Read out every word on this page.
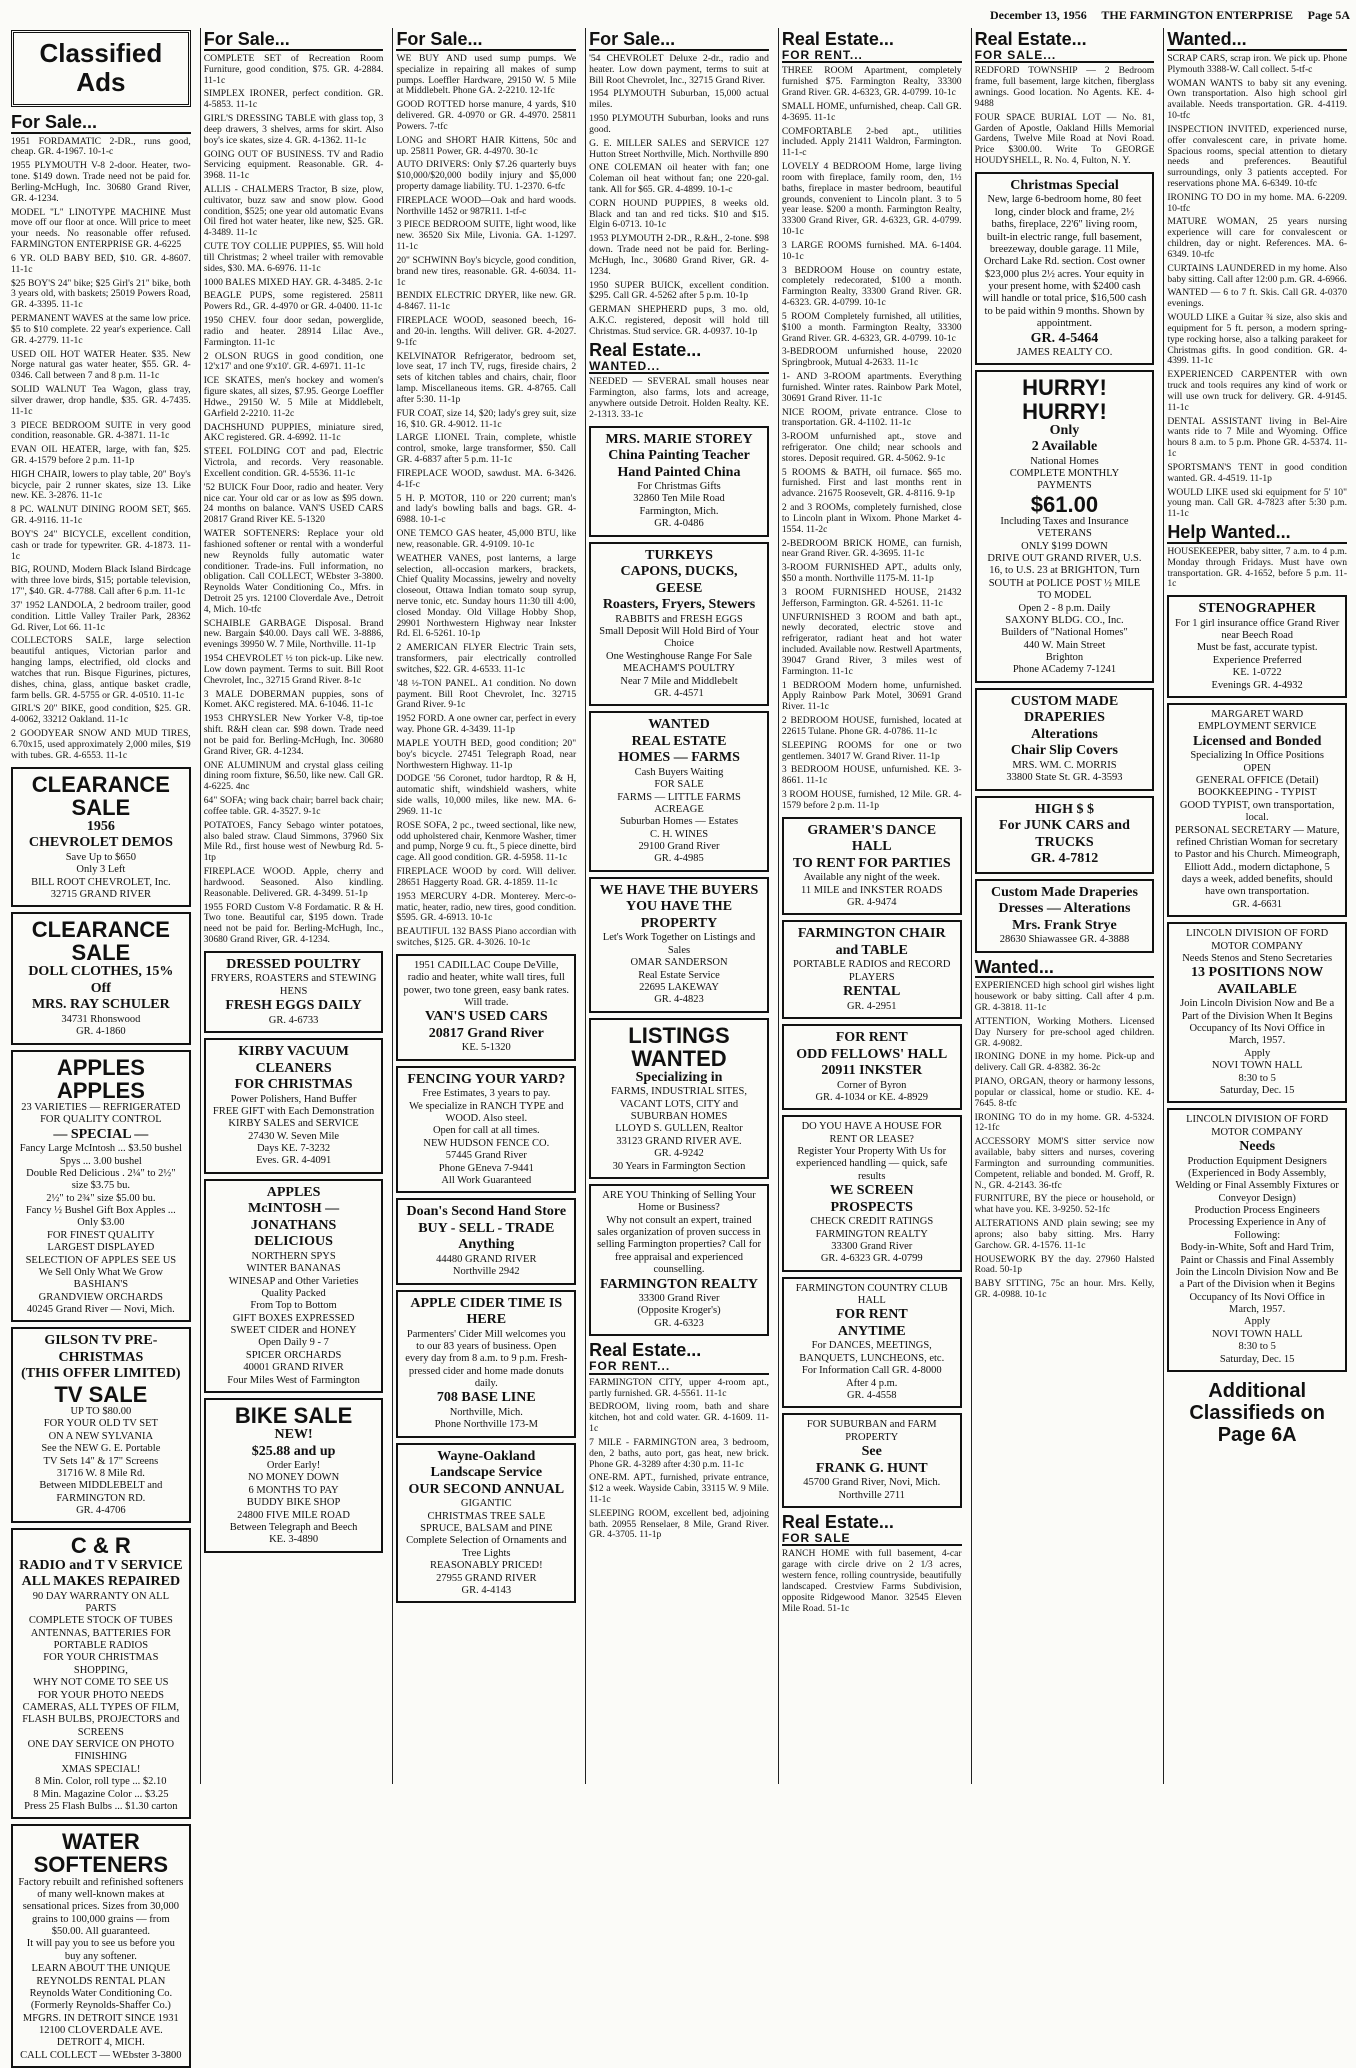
December 13, 1956 THE FARMINGTON ENTERPRISE Page 5A
Classified Ads
For Sale...
1951 FORDAMATIC 2-DR., runs good, cheap. GR. 4-1967. 10-1-c
1955 PLYMOUTH V-8 2-door. Heater, two-tone. $149 down. Trade need not be paid for. Berling-McHugh, Inc. 30680 Grand River, GR. 4-1234.
MODEL "L" LINOTYPE MACHINE Must move off our floor at once. Will price to meet your needs. No reasonable offer refused. FARMINGTON ENTERPRISE GR. 4-6225
6 YR. OLD BABY BED, $10. GR. 4-8607. 11-1c
$25 BOY'S 24" bike; $25 Girl's 21" bike, both 3 years old, with baskets; 25019 Powers Road, GR. 4-3395. 11-1c
PERMANENT WAVES at the same low price. $5 to $10 complete. 22 year's experience. Call GR. 4-2779. 11-1c
USED OIL HOT WATER Heater. $35. New Norge natural gas water heater, $55. GR. 4-0346. Call between 7 and 8 p.m. 11-1c
SOLID WALNUT Tea Wagon, glass tray, silver drawer, drop handle, $35. GR. 4-7435. 11-1c
3 PIECE BEDROOM SUITE in very good condition, reasonable. GR. 4-3871. 11-1c
EVAN OIL HEATER, large, with fan, $25. GR. 4-1579 before 2 p.m. 11-1p
HIGH CHAIR, lowers to play table, 20" Boy's bicycle, pair 2 runner skates, size 13. Like new. KE. 3-2876. 11-1c
8 PC. WALNUT DINING ROOM SET, $65. GR. 4-9116. 11-1c
BOY'S 24" BICYCLE, excellent condition, cash or trade for typewriter. GR. 4-1873. 11-1c
BIG, ROUND, Modern Black Island Birdcage with three love birds, $15; portable television, 17", $40. GR. 4-7788. Call after 6 p.m. 11-1c
37' 1952 LANDOLA, 2 bedroom trailer, good condition. Little Valley Trailer Park, 28362 Gd. River, Lot 66. 11-1c
COLLECTORS SALE, large selection beautiful antiques, Victorian parlor and hanging lamps, electrified, old clocks and watches that run. Bisque Figurines, pictures, dishes, china, glass, antique basket cradle, farm bells. GR. 4-5755 or GR. 4-0510. 11-1c
GIRL'S 20" BIKE, good condition, $25. GR. 4-0062, 33212 Oakland. 11-1c
2 GOODYEAR SNOW AND MUD TIRES, 6.70x15, used approximately 2,000 miles, $19 with tubes. GR. 4-6553. 11-1c
CLEARANCE SALE
1956
CHEVROLET DEMOS
Save Up to $650
Only 3 Left
BILL ROOT CHEVROLET, Inc.
32715 GRAND RIVER
CLEARANCE SALE
DOLL CLOTHES, 15% Off
MRS. RAY SCHULER
34731 Rhonswood
GR. 4-1860
APPLES APPLES
23 VARIETIES — REFRIGERATED FOR QUALITY CONTROL
— SPECIAL —
Fancy Large McIntosh ... $3.50 bushel
Spys ... 3.00 bushel
Double Red Delicious . 2¼" to 2½" size $3.75 bu.
2½" to 2¾" size $5.00 bu.
Fancy ½ Bushel Gift Box Apples ... Only $3.00
FOR FINEST QUALITY
LARGEST DISPLAYED SELECTION OF APPLES SEE US
We Sell Only What We Grow
BASHIAN'S
GRANDVIEW ORCHARDS
40245 Grand River — Novi, Mich.
GILSON TV PRE-CHRISTMAS
(THIS OFFER LIMITED)
TV SALE
UP TO $80.00
FOR YOUR OLD TV SET
ON A NEW SYLVANIA
See the NEW G. E. Portable
TV Sets 14" & 17" Screens
31716 W. 8 Mile Rd.
Between MIDDLEBELT and FARMINGTON RD.
GR. 4-4706
C & R
RADIO and T V SERVICE
ALL MAKES REPAIRED
90 DAY WARRANTY ON ALL PARTS
COMPLETE STOCK OF TUBES
ANTENNAS, BATTERIES FOR PORTABLE RADIOS
FOR YOUR CHRISTMAS SHOPPING,
WHY NOT COME TO SEE US
FOR YOUR PHOTO NEEDS
CAMERAS, ALL TYPES OF FILM, FLASH BULBS, PROJECTORS and SCREENS
ONE DAY SERVICE ON PHOTO FINISHING
XMAS SPECIAL!
8 Min. Color, roll type ... $2.10
8 Min. Magazine Color ... $3.25
Press 25 Flash Bulbs ... $1.30 carton
WATER SOFTENERS
Factory rebuilt and refinished softeners of many well-known makes at sensational prices. Sizes from 30,000 grains to 100,000 grains — from $50.00. All guaranteed.
It will pay you to see us before you buy any softener.
LEARN ABOUT THE UNIQUE REYNOLDS RENTAL PLAN
Reynolds Water Conditioning Co.
(Formerly Reynolds-Shaffer Co.)
MFGRS. IN DETROIT SINCE 1931
12100 CLOVERDALE AVE. DETROIT 4, MICH.
CALL COLLECT — WEbster 3-3800
For Sale...
COMPLETE SET of Recreation Room Furniture, good condition, $75. GR. 4-2884. 11-1c
SIMPLEX IRONER, perfect condition. GR. 4-5853. 11-1c
GIRL'S DRESSING TABLE with glass top, 3 deep drawers, 3 shelves, arms for skirt. Also boy's ice skates, size 4. GR. 4-1362. 11-1c
GOING OUT OF BUSINESS. TV and Radio Servicing equipment. Reasonable. GR. 4-3968. 11-1c
ALLIS - CHALMERS Tractor, B size, plow, cultivator, buzz saw and snow plow. Good condition, $525; one year old automatic Evans Oil fired hot water heater, like new, $25. GR. 4-3489. 11-1c
CUTE TOY COLLIE PUPPIES, $5. Will hold till Christmas; 2 wheel trailer with removable sides, $30. MA. 6-6976. 11-1c
1000 BALES MIXED HAY. GR. 4-3485. 2-1c
BEAGLE PUPS, some registered. 25811 Powers Rd., GR. 4-4970 or GR. 4-0400. 11-1c
1950 CHEV. four door sedan, powerglide, radio and heater. 28914 Lilac Ave., Farmington. 11-1c
2 OLSON RUGS in good condition, one 12'x17' and one 9'x10'. GR. 4-6971. 11-1c
ICE SKATES, men's hockey and women's figure skates, all sizes, $7.95. George Loeffler Hdwe., 29150 W. 5 Mile at Middlebelt, GArfield 2-2210. 11-2c
DACHSHUND PUPPIES, miniature sired, AKC registered. GR. 4-6992. 11-1c
STEEL FOLDING COT and pad, Electric Victrola, and records. Very reasonable. Excellent condition. GR. 4-5536. 11-1c
'52 BUICK Four Door, radio and heater. Very nice car. Your old car or as low as $95 down. 24 months on balance. VAN'S USED CARS 20817 Grand River KE. 5-1320
WATER SOFTENERS: Replace your old fashioned softener or rental with a wonderful new Reynolds fully automatic water conditioner. Trade-ins. Full information, no obligation. Call COLLECT, WEbster 3-3800. Reynolds Water Conditioning Co., Mfrs. in Detroit 25 yrs. 12100 Cloverdale Ave., Detroit 4, Mich. 10-tfc
SCHAIBLE GARBAGE Disposal. Brand new. Bargain $40.00. Days call WE. 3-8886, evenings 39950 W. 7 Mile, Northville. 11-1p
1954 CHEVROLET ½ ton pick-up. Like new. Low down payment. Terms to suit. Bill Root Chevrolet, Inc., 32715 Grand River. 8-1c
3 MALE DOBERMAN puppies, sons of Komet. AKC registered. MA. 6-1046. 11-1c
1953 CHRYSLER New Yorker V-8, tip-toe shift. R&H clean car. $98 down. Trade need not be paid for. Berling-McHugh, Inc. 30680 Grand River, GR. 4-1234.
ONE ALUMINUM and crystal glass ceiling dining room fixture, $6.50, like new. Call GR. 4-6225. 4nc
64" SOFA; wing back chair; barrel back chair; coffee table. GR. 4-3527. 9-1c
POTATOES, Fancy Sebago winter potatoes, also baled straw. Claud Simmons, 37960 Six Mile Rd., first house west of Newburg Rd. 5-1tp
FIREPLACE WOOD. Apple, cherry and hardwood. Seasoned. Also kindling. Reasonable. Delivered. GR. 4-3499. 51-1p
1955 FORD Custom V-8 Fordamatic. R & H. Two tone. Beautiful car, $195 down. Trade need not be paid for. Berling-McHugh, Inc., 30680 Grand River, GR. 4-1234.
DRESSED POULTRY
FRYERS, ROASTERS and STEWING HENS
FRESH EGGS DAILY
GR. 4-6733
KIRBY VACUUM CLEANERS
FOR CHRISTMAS
Power Polishers, Hand Buffer
FREE GIFT with Each Demonstration
KIRBY SALES and SERVICE
27430 W. Seven Mile
Days KE. 7-3232
Eves. GR. 4-4091
APPLES
McINTOSH — JONATHANS
DELICIOUS
NORTHERN SPYS
WINTER BANANAS
WINESAP and Other Varieties
Quality Packed
From Top to Bottom
GIFT BOXES EXPRESSED
SWEET CIDER and HONEY
Open Daily 9 - 7
SPICER ORCHARDS
40001 GRAND RIVER
Four Miles West of Farmington
BIKE SALE
NEW!
$25.88 and up
Order Early!
NO MONEY DOWN
6 MONTHS TO PAY
BUDDY BIKE SHOP
24800 FIVE MILE ROAD
Between Telegraph and Beech
KE. 3-4890
For Sale...
WE BUY AND used sump pumps. We specialize in repairing all makes of sump pumps. Loeffler Hardware, 29150 W. 5 Mile at Middlebelt. Phone GA. 2-2210. 12-1fc
GOOD ROTTED horse manure, 4 yards, $10 delivered. GR. 4-0970 or GR. 4-4970. 25811 Powers. 7-tfc
LONG and SHORT HAIR Kittens, 50c and up. 25811 Power, GR. 4-4970. 30-1c
AUTO DRIVERS: Only $7.26 quarterly buys $10,000/$20,000 bodily injury and $5,000 property damage liability. TU. 1-2370. 6-tfc
FIREPLACE WOOD—Oak and hard woods. Northville 1452 or 987R11. 1-tf-c
3 PIECE BEDROOM SUITE, light wood, like new. 36520 Six Mile, Livonia. GA. 1-1297. 11-1c
20" SCHWINN Boy's bicycle, good condition, brand new tires, reasonable. GR. 4-6034. 11-1c
BENDIX ELECTRIC DRYER, like new. GR. 4-8467. 11-1c
FIREPLACE WOOD, seasoned beech, 16- and 20-in. lengths. Will deliver. GR. 4-2027. 9-1fc
KELVINATOR Refrigerator, bedroom set, love seat, 17 inch TV, rugs, fireside chairs, 2 sets of kitchen tables and chairs, chair, floor lamp. Miscellaneous items. GR. 4-8765. Call after 5:30. 11-1p
FUR COAT, size 14, $20; lady's grey suit, size 16, $10. GR. 4-9012. 11-1c
LARGE LIONEL Train, complete, whistle control, smoke, large transformer, $50. Call GR. 4-6837 after 5 p.m. 11-1c
FIREPLACE WOOD, sawdust. MA. 6-3426. 4-1f-c
5 H. P. MOTOR, 110 or 220 current; man's and lady's bowling balls and bags. GR. 4-6988. 10-1-c
ONE TEMCO GAS heater, 45,000 BTU, like new, reasonable. GR. 4-9109. 10-1c
WEATHER VANES, post lanterns, a large selection, all-occasion markers, brackets, Chief Quality Mocassins, jewelry and novelty closeout, Ottawa Indian tomato soup syrup, nerve tonic, etc. Sunday hours 11:30 till 4:00, closed Monday. Old Village Hobby Shop, 29901 Northwestern Highway near Inkster Rd. El. 6-5261. 10-1p
2 AMERICAN FLYER Electric Train sets, transformers, pair electrically controlled switches, $22. GR. 4-6533. 11-1c
'48 ½-TON PANEL. A1 condition. No down payment. Bill Root Chevrolet, Inc. 32715 Grand River. 9-1c
1952 FORD. A one owner car, perfect in every way. Phone GR. 4-3439. 11-1p
MAPLE YOUTH BED, good condition; 20" boy's bicycle. 27451 Telegraph Road, near Northwestern Highway. 11-1p
DODGE '56 Coronet, tudor hardtop, R & H, automatic shift, windshield washers, white side walls, 10,000 miles, like new. MA. 6-2969. 11-1c
ROSE SOFA, 2 pc., tweed sectional, like new, odd upholstered chair, Kenmore Washer, timer and pump, Norge 9 cu. ft., 5 piece dinette, bird cage. All good condition. GR. 4-5958. 11-1c
FIREPLACE WOOD by cord. Will deliver. 28651 Haggerty Road. GR. 4-1859. 11-1c
1953 MERCURY 4-DR. Monterey. Merc-o-matic, heater, radio, new tires, good condition. $595. GR. 4-6913. 10-1c
BEAUTIFUL 132 BASS Piano accordian with switches, $125. GR. 4-3026. 10-1c
1951 CADILLAC Coupe DeVille, radio and heater, white wall tires, full power, two tone green, easy bank rates. Will trade.
VAN'S USED CARS
20817 Grand River
KE. 5-1320
FENCING YOUR YARD?
Free Estimates, 3 years to pay.
We specialize in RANCH TYPE and WOOD. Also steel.
Open for call at all times.
NEW HUDSON FENCE CO.
57445 Grand River
Phone GEneva 7-9441
All Work Guaranteed
Doan's Second Hand Store
BUY - SELL - TRADE
Anything
44480 GRAND RIVER
Northville 2942
APPLE CIDER TIME IS HERE
Parmenters' Cider Mill welcomes you to our 83 years of business. Open every day from 8 a.m. to 9 p.m. Fresh-pressed cider and home made donuts daily.
708 BASE LINE
Northville, Mich.
Phone Northville 173-M
Wayne-Oakland
Landscape Service
OUR SECOND ANNUAL
GIGANTIC
CHRISTMAS TREE SALE
SPRUCE, BALSAM and PINE
Complete Selection of Ornaments and Tree Lights
REASONABLY PRICED!
27955 GRAND RIVER
GR. 4-4143
For Sale...
'54 CHEVROLET Deluxe 2-dr., radio and heater. Low down payment, terms to suit at Bill Root Chevrolet, Inc., 32715 Grand River.
1954 PLYMOUTH Suburban, 15,000 actual miles.
1950 PLYMOUTH Suburban, looks and runs good.
G. E. MILLER SALES and SERVICE 127 Hutton Street Northville, Mich. Northville 890
ONE COLEMAN oil heater with fan; one Coleman oil heat without fan; one 220-gal. tank. All for $65. GR. 4-4899. 10-1-c
CORN HOUND PUPPIES, 8 weeks old. Black and tan and red ticks. $10 and $15. Elgin 6-0713. 10-1c
1953 PLYMOUTH 2-DR., R.&H., 2-tone. $98 down. Trade need not be paid for. Berling-McHugh, Inc., 30680 Grand River, GR. 4-1234.
1950 SUPER BUICK, excellent condition. $295. Call GR. 4-5262 after 5 p.m. 10-1p
GERMAN SHEPHERD pups, 3 mo. old, A.K.C. registered, deposit will hold till Christmas. Stud service. GR. 4-0937. 10-1p
Real Estate...
WANTED...
NEEDED — SEVERAL small houses near Farmington, also farms, lots and acreage, anywhere outside Detroit. Holden Realty. KE. 2-1313. 33-1c
MRS. MARIE STOREY
China Painting Teacher
Hand Painted China
For Christmas Gifts
32860 Ten Mile Road
Farmington, Mich.
GR. 4-0486
TURKEYS
CAPONS, DUCKS, GEESE
Roasters, Fryers, Stewers
RABBITS and FRESH EGGS
Small Deposit Will Hold Bird of Your Choice
One Westinghouse Range For Sale
MEACHAM'S POULTRY
Near 7 Mile and Middlebelt
GR. 4-4571
WANTED
REAL ESTATE
HOMES — FARMS
Cash Buyers Waiting
FOR SALE
FARMS — LITTLE FARMS
ACREAGE
Suburban Homes — Estates
C. H. WINES
29100 Grand River
GR. 4-4985
WE HAVE THE BUYERS
YOU HAVE THE PROPERTY
Let's Work Together on Listings and Sales
OMAR SANDERSON
Real Estate Service
22695 LAKEWAY
GR. 4-4823
LISTINGS WANTED
Specializing in
FARMS, INDUSTRIAL SITES, VACANT LOTS, CITY and SUBURBAN HOMES
LLOYD S. GULLEN, Realtor
33123 GRAND RIVER AVE.
GR. 4-9242
30 Years in Farmington Section
ARE YOU Thinking of Selling Your Home or Business?
Why not consult an expert, trained sales organization of proven success in selling Farmington properties? Call for free appraisal and experienced counselling.
FARMINGTON REALTY
33300 Grand River
(Opposite Kroger's)
GR. 4-6323
Real Estate...
FOR RENT...
FARMINGTON CITY, upper 4-room apt., partly furnished. GR. 4-5561. 11-1c
BEDROOM, living room, bath and share kitchen, hot and cold water. GR. 4-1609. 11-1c
7 MILE - FARMINGTON area, 3 bedroom, den, 2 baths, auto port, gas heat, new brick. Phone GR. 4-3289 after 4:30 p.m. 11-1c
ONE-RM. APT., furnished, private entrance, $12 a week. Wayside Cabin, 33115 W. 9 Mile. 11-1c
SLEEPING ROOM, excellent bed, adjoining bath. 20955 Renselaer, 8 Mile, Grand River. GR. 4-3705. 11-1p
Real Estate...
FOR RENT...
THREE ROOM Apartment, completely furnished $75. Farmington Realty, 33300 Grand River. GR. 4-6323, GR. 4-0799. 10-1c
SMALL HOME, unfurnished, cheap. Call GR. 4-3695. 11-1c
COMFORTABLE 2-bed apt., utilities included. Apply 21411 Waldron, Farmington. 11-1-c
LOVELY 4 BEDROOM Home, large living room with fireplace, family room, den, 1½ baths, fireplace in master bedroom, beautiful grounds, convenient to Lincoln plant. 3 to 5 year lease. $200 a month. Farmington Realty, 33300 Grand River, GR. 4-6323, GR. 4-0799. 10-1c
3 LARGE ROOMS furnished. MA. 6-1404. 10-1c
3 BEDROOM House on country estate, completely redecorated, $100 a month. Farmington Realty, 33300 Grand River. GR. 4-6323. GR. 4-0799. 10-1c
5 ROOM Completely furnished, all utilities, $100 a month. Farmington Realty, 33300 Grand River. GR. 4-6323, GR. 4-0799. 10-1c
3-BEDROOM unfurnished house, 22020 Springbrook, Mutual 4-2633. 11-1c
1- AND 3-ROOM apartments. Everything furnished. Winter rates. Rainbow Park Motel, 30691 Grand River. 11-1c
NICE ROOM, private entrance. Close to transportation. GR. 4-1102. 11-1c
3-ROOM unfurnished apt., stove and refrigerator. One child; near schools and stores. Deposit required. GR. 4-5062. 9-1c
5 ROOMS & BATH, oil furnace. $65 mo. furnished. First and last months rent in advance. 21675 Roosevelt, GR. 4-8116. 9-1p
2 and 3 ROOMs, completely furnished, close to Lincoln plant in Wixom. Phone Market 4-1554. 11-2c
2-BEDROOM BRICK HOME, can furnish, near Grand River. GR. 4-3695. 11-1c
3-ROOM FURNISHED APT., adults only, $50 a month. Northville 1175-M. 11-1p
3 ROOM FURNISHED HOUSE, 21432 Jefferson, Farmington. GR. 4-5261. 11-1c
UNFURNISHED 3 ROOM and bath apt., newly decorated, electric stove and refrigerator, radiant heat and hot water included. Available now. Restwell Apartments, 39047 Grand River, 3 miles west of Farmington. 11-1c
1 BEDROOM Modern home, unfurnished. Apply Rainbow Park Motel, 30691 Grand River. 11-1c
2 BEDROOM HOUSE, furnished, located at 22615 Tulane. Phone GR. 4-0786. 11-1c
SLEEPING ROOMS for one or two gentlemen. 34017 W. Grand River. 11-1p
3 BEDROOM HOUSE, unfurnished. KE. 3-8661. 11-1c
3 ROOM HOUSE, furnished, 12 Mile. GR. 4-1579 before 2 p.m. 11-1p
GRAMER'S DANCE HALL
TO RENT FOR PARTIES
Available any night of the week.
11 MILE and INKSTER ROADS
GR. 4-9474
FARMINGTON CHAIR and TABLE
PORTABLE RADIOS and RECORD PLAYERS
RENTAL
GR. 4-2951
FOR RENT
ODD FELLOWS' HALL
20911 INKSTER
Corner of Byron
GR. 4-1034 or KE. 4-8929
DO YOU HAVE A HOUSE FOR RENT OR LEASE?
Register Your Property With Us for experienced handling — quick, safe results
WE SCREEN PROSPECTS
CHECK CREDIT RATINGS
FARMINGTON REALTY
33300 Grand River
GR. 4-6323 GR. 4-0799
FARMINGTON COUNTRY CLUB HALL
FOR RENT
ANYTIME
For DANCES, MEETINGS, BANQUETS, LUNCHEONS, etc.
For Information Call GR. 4-8000
After 4 p.m.
GR. 4-4558
FOR SUBURBAN and FARM PROPERTY
See
FRANK G. HUNT
45700 Grand River, Novi, Mich.
Northville 2711
Real Estate...
FOR SALE
RANCH HOME with full basement, 4-car garage with circle drive on 2 1/3 acres, western fence, rolling countryside, beautifully landscaped. Crestview Farms Subdivision, opposite Ridgewood Manor. 32545 Eleven Mile Road. 51-1c
Real Estate...
FOR SALE...
REDFORD TOWNSHIP — 2 Bedroom frame, full basement, large kitchen, fiberglass awnings. Good location. No Agents. KE. 4-9488
FOUR SPACE BURIAL LOT — No. 81, Garden of Apostle, Oakland Hills Memorial Gardens, Twelve Mile Road at Novi Road. Price $300.00. Write To GEORGE HOUDYSHELL, R. No. 4, Fulton, N. Y.
Christmas Special
New, large 6-bedroom home, 80 feet long, cinder block and frame, 2½ baths, fireplace, 22'6" living room, built-in electric range, full basement, breezeway, double garage. 11 Mile, Orchard Lake Rd. section. Cost owner $23,000 plus 2½ acres. Your equity in your present home, with $2400 cash will handle or total price, $16,500 cash to be paid within 9 months. Shown by appointment.
GR. 4-5464
JAMES REALTY CO.
HURRY! HURRY!
Only
2 Available
National Homes
COMPLETE MONTHLY PAYMENTS
$61.00
Including Taxes and Insurance
VETERANS
ONLY $199 DOWN
DRIVE OUT GRAND RIVER, U.S. 16, to U.S. 23 at BRIGHTON, Turn SOUTH at POLICE POST ½ MILE TO MODEL
Open 2 - 8 p.m. Daily
SAXONY BLDG. CO., Inc.
Builders of "National Homes"
440 W. Main Street
Brighton
Phone ACademy 7-1241
CUSTOM MADE DRAPERIES
Alterations
Chair Slip Covers
MRS. WM. C. MORRIS
33800 State St. GR. 4-3593
HIGH $ $
For JUNK CARS and TRUCKS
GR. 4-7812
Custom Made Draperies
Dresses — Alterations
Mrs. Frank Strye
28630 Shiawassee GR. 4-3888
Wanted...
EXPERIENCED high school girl wishes light housework or baby sitting. Call after 4 p.m. GR. 4-3818. 11-1c
ATTENTION, Working Mothers. Licensed Day Nursery for pre-school aged children. GR. 4-9082.
IRONING DONE in my home. Pick-up and delivery. Call GR. 4-8382. 36-2c
PIANO, ORGAN, theory or harmony lessons, popular or classical, home or studio. KE. 4-7645. 8-tfc
IRONING TO do in my home. GR. 4-5324. 12-1fc
ACCESSORY MOM'S sitter service now available, baby sitters and nurses, covering Farmington and surrounding communities. Competent, reliable and bonded. M. Groff, R. N., GR. 4-2143. 36-tfc
FURNITURE, BY the piece or household, or what have you. KE. 3-9250. 52-1fc
ALTERATIONS AND plain sewing; see my aprons; also baby sitting. Mrs. Harry Garchow. GR. 4-1576. 11-1c
HOUSEWORK BY the day. 27960 Halsted Road. 50-1p
BABY SITTING, 75c an hour. Mrs. Kelly, GR. 4-0988. 10-1c
Wanted...
SCRAP CARS, scrap iron. We pick up. Phone Plymouth 3388-W. Call collect. 5-tf-c
WOMAN WANTS to baby sit any evening. Own transportation. Also high school girl available. Needs transportation. GR. 4-4119. 10-tfc
INSPECTION INVITED, experienced nurse, offer convalescent care, in private home. Spacious rooms, special attention to dietary needs and preferences. Beautiful surroundings, only 3 patients accepted. For reservations phone MA. 6-6349. 10-tfc
IRONING TO DO in my home. MA. 6-2209. 10-tfc
MATURE WOMAN, 25 years nursing experience will care for convalescent or children, day or night. References. MA. 6-6349. 10-tfc
CURTAINS LAUNDERED in my home. Also baby sitting. Call after 12:00 p.m. GR. 4-6966.
WANTED — 6 to 7 ft. Skis. Call GR. 4-0370 evenings.
WOULD LIKE a Guitar ¾ size, also skis and equipment for 5 ft. person, a modern spring-type rocking horse, also a talking parakeet for Christmas gifts. In good condition. GR. 4-4399. 11-1c
EXPERIENCED CARPENTER with own truck and tools requires any kind of work or will use own truck for delivery. GR. 4-9145. 11-1c
DENTAL ASSISTANT living in Bel-Aire wants ride to 7 Mile and Wyoming. Office hours 8 a.m. to 5 p.m. Phone GR. 4-5374. 11-1c
SPORTSMAN'S TENT in good condition wanted. GR. 4-4519. 11-1p
WOULD LIKE used ski equipment for 5' 10" young man. Call GR. 4-7823 after 5:30 p.m. 11-1c
Help Wanted...
HOUSEKEEPER, baby sitter, 7 a.m. to 4 p.m. Monday through Fridays. Must have own transportation. GR. 4-1652, before 5 p.m. 11-1c
STENOGRAPHER
For 1 girl insurance office Grand River near Beech Road
Must be fast, accurate typist.
Experience Preferred
KE. 1-0722
Evenings GR. 4-4932
MARGARET WARD EMPLOYMENT SERVICE
Licensed and Bonded
Specializing In Office Positions
OPEN
GENERAL OFFICE (Detail)
BOOKKEEPING - TYPIST
GOOD TYPIST, own transportation, local.
PERSONAL SECRETARY — Mature, refined Christian Woman for secretary to Pastor and his Church. Mimeograph, Elliott Add., modern dictaphone, 5 days a week, added benefits, should have own transportation.
GR. 4-6631
LINCOLN DIVISION OF FORD MOTOR COMPANY
Needs Stenos and Steno Secretaries
13 POSITIONS NOW AVAILABLE
Join Lincoln Division Now and Be a Part of the Division When It Begins Occupancy of Its Novi Office in March, 1957.
Apply
NOVI TOWN HALL
8:30 to 5
Saturday, Dec. 15
LINCOLN DIVISION OF FORD MOTOR COMPANY
Needs
Production Equipment Designers
(Experienced in Body Assembly, Welding or Final Assembly Fixtures or Conveyor Design)
Production Process Engineers
Processing Experience in Any of Following:
Body-in-White, Soft and Hard Trim, Paint or Chassis and Final Assembly
Join the Lincoln Division Now and Be a Part of the Division when it Begins Occupancy of Its Novi Office in March, 1957.
Apply
NOVI TOWN HALL
8:30 to 5
Saturday, Dec. 15
Additional Classifieds on Page 6A
